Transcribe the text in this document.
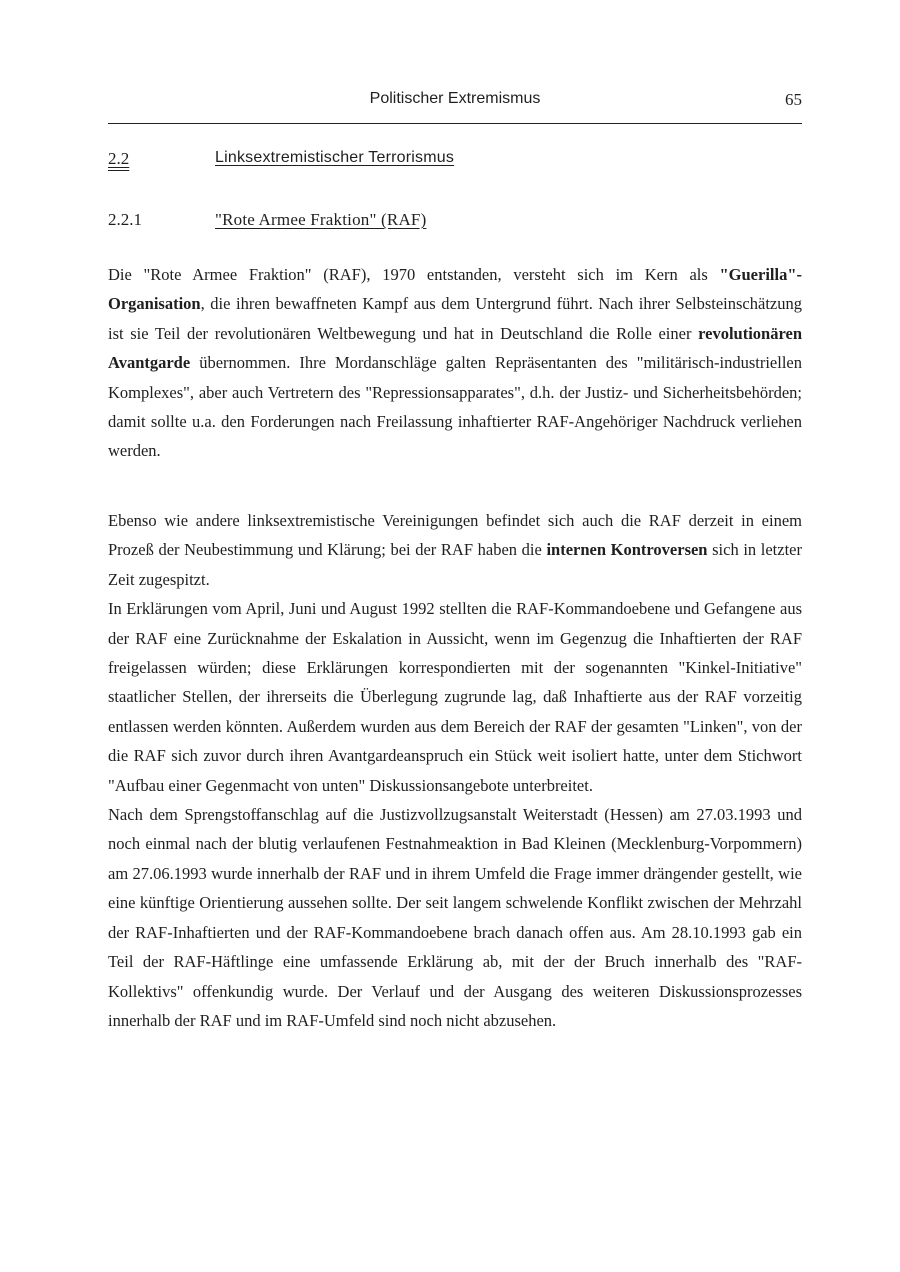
Politischer Extremismus	65
2.2	Linksextremistischer Terrorismus
2.2.1	"Rote Armee Fraktion" (RAF)

Die "Rote Armee Fraktion" (RAF), 1970 entstanden, versteht sich im Kern als "Guerilla"-Organisation, die ihren bewaffneten Kampf aus dem Untergrund führt. Nach ihrer Selbsteinschätzung ist sie Teil der revolutionären Weltbewegung und hat in Deutschland die Rolle einer revolutionären Avantgarde übernommen. Ihre Mordanschläge galten Repräsentanten des "militärisch-industriellen Komplexes", aber auch Vertretern des "Repressionsapparates", d.h. der Justiz- und Sicherheitsbehörden; damit sollte u.a. den Forderungen nach Freilassung inhaftierter RAF-Angehöriger Nachdruck verliehen werden.

Ebenso wie andere linksextremistische Vereinigungen befindet sich auch die RAF derzeit in einem Prozeß der Neubestimmung und Klärung; bei der RAF haben die internen Kontroversen sich in letzter Zeit zugespitzt.

In Erklärungen vom April, Juni und August 1992 stellten die RAF-Kommandoebene und Gefangene aus der RAF eine Zurücknahme der Eskalation in Aussicht, wenn im Gegenzug die Inhaftierten der RAF freigelassen würden; diese Erklärungen korrespondierten mit der sogenannten "Kinkel-Initiative" staatlicher Stellen, der ihrerseits die Überlegung zugrunde lag, daß Inhaftierte aus der RAF vorzeitig entlassen werden könnten. Außerdem wurden aus dem Bereich der RAF der gesamten "Linken", von der die RAF sich zuvor durch ihren Avantgardeanspruch ein Stück weit isoliert hatte, unter dem Stichwort "Aufbau einer Gegenmacht von unten" Diskussionsangebote unterbreitet.

Nach dem Sprengstoffanschlag auf die Justizvollzugsanstalt Weiterstadt (Hessen) am 27.03.1993 und noch einmal nach der blutig verlaufenen Festnahmeaktion in Bad Kleinen (Mecklenburg-Vorpommern) am 27.06.1993 wurde innerhalb der RAF und in ihrem Umfeld die Frage immer drängender gestellt, wie eine künftige Orientierung aussehen sollte. Der seit langem schwelende Konflikt zwischen der Mehrzahl der RAF-Inhaftierten und der RAF-Kommandoebene brach danach offen aus. Am 28.10.1993 gab ein Teil der RAF-Häftlinge eine umfassende Erklärung ab, mit der der Bruch innerhalb des "RAF-Kollektivs" offenkundig wurde. Der Verlauf und der Ausgang des weiteren Diskussionsprozesses innerhalb der RAF und im RAF-Umfeld sind noch nicht abzusehen.
